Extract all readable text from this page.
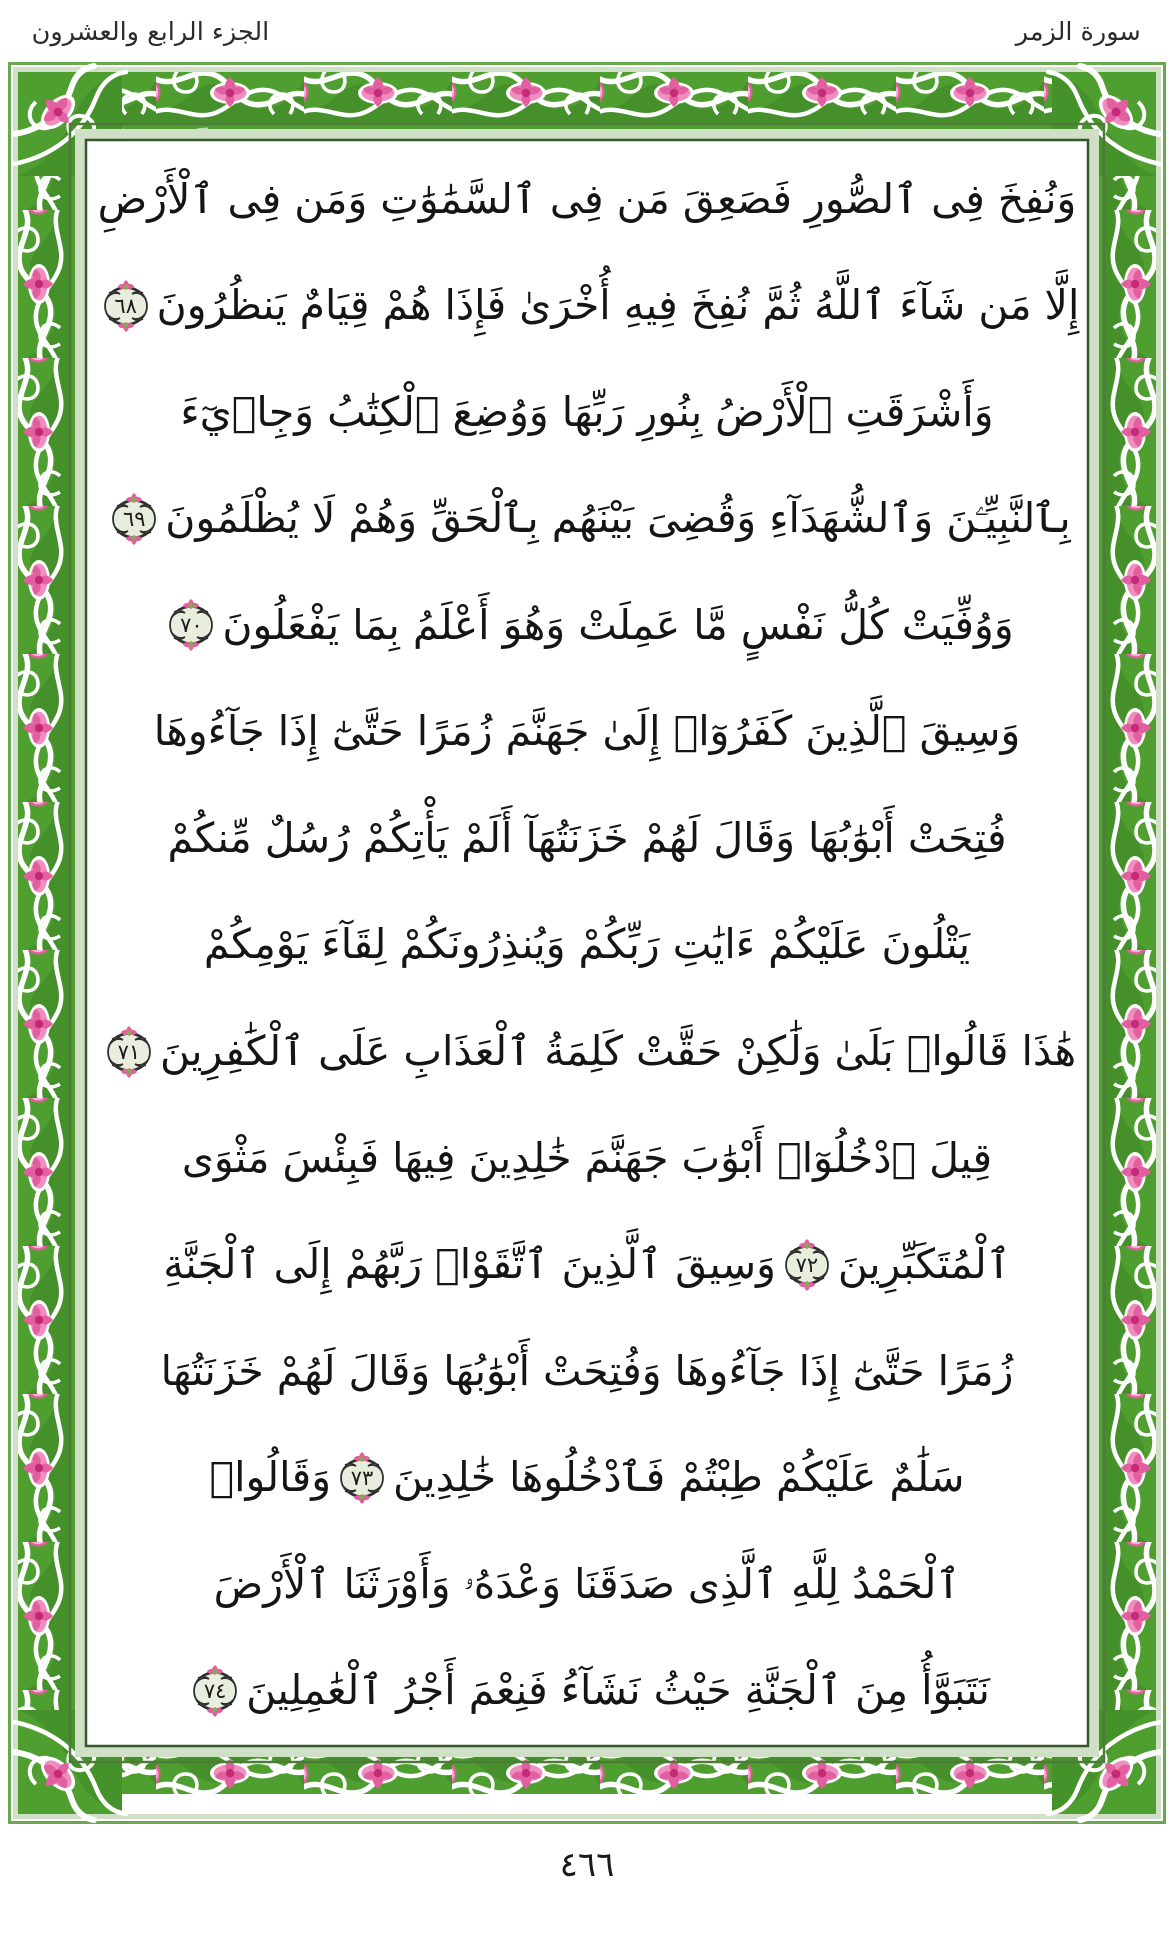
سورة الزمر
الجزء الرابع والعشرون
وَنُفِخَ فِى ٱلصُّورِ فَصَعِقَ مَن فِى ٱلسَّمَٰوَٰتِ وَمَن فِى ٱلْأَرْضِ
إِلَّا مَن شَآءَ ٱللَّهُ ثُمَّ نُفِخَ فِيهِ أُخْرَىٰ فَإِذَا هُمْ قِيَامٌ يَنظُرُونَ
٦٨
وَأَشْرَقَتِ ٱلْأَرْضُ بِنُورِ رَبِّهَا وَوُضِعَ ٱلْكِتَٰبُ وَجِا۟يٓءَ
بِٱلنَّبِيِّـۧنَ وَٱلشُّهَدَآءِ وَقُضِىَ بَيْنَهُم بِٱلْحَقِّ وَهُمْ لَا يُظْلَمُونَ
٦٩
وَوُفِّيَتْ كُلُّ نَفْسٍ مَّا عَمِلَتْ وَهُوَ أَعْلَمُ بِمَا يَفْعَلُونَ
٧٠
وَسِيقَ ٱلَّذِينَ كَفَرُوٓا۟ إِلَىٰ جَهَنَّمَ زُمَرًا حَتَّىٰٓ إِذَا جَآءُوهَا
فُتِحَتْ أَبْوَٰبُهَا وَقَالَ لَهُمْ خَزَنَتُهَآ أَلَمْ يَأْتِكُمْ رُسُلٌ مِّنكُمْ
يَتْلُونَ عَلَيْكُمْ ءَايَٰتِ رَبِّكُمْ وَيُنذِرُونَكُمْ لِقَآءَ يَوْمِكُمْ
هَٰذَا قَالُوا۟ بَلَىٰ وَلَٰكِنْ حَقَّتْ كَلِمَةُ ٱلْعَذَابِ عَلَى ٱلْكَٰفِرِينَ
٧١
قِيلَ ٱدْخُلُوٓا۟ أَبْوَٰبَ جَهَنَّمَ خَٰلِدِينَ فِيهَا فَبِئْسَ مَثْوَى
ٱلْمُتَكَبِّرِينَ
٧٢
وَسِيقَ ٱلَّذِينَ ٱتَّقَوْا۟ رَبَّهُمْ إِلَى ٱلْجَنَّةِ
زُمَرًا حَتَّىٰٓ إِذَا جَآءُوهَا وَفُتِحَتْ أَبْوَٰبُهَا وَقَالَ لَهُمْ خَزَنَتُهَا
سَلَٰمٌ عَلَيْكُمْ طِبْتُمْ فَٱدْخُلُوهَا خَٰلِدِينَ
٧٣
وَقَالُوا۟
ٱلْحَمْدُ لِلَّهِ ٱلَّذِى صَدَقَنَا وَعْدَهُۥ وَأَوْرَثَنَا ٱلْأَرْضَ
نَتَبَوَّأُ مِنَ ٱلْجَنَّةِ حَيْثُ نَشَآءُ فَنِعْمَ أَجْرُ ٱلْعَٰمِلِينَ
٧٤
٤٦٦
